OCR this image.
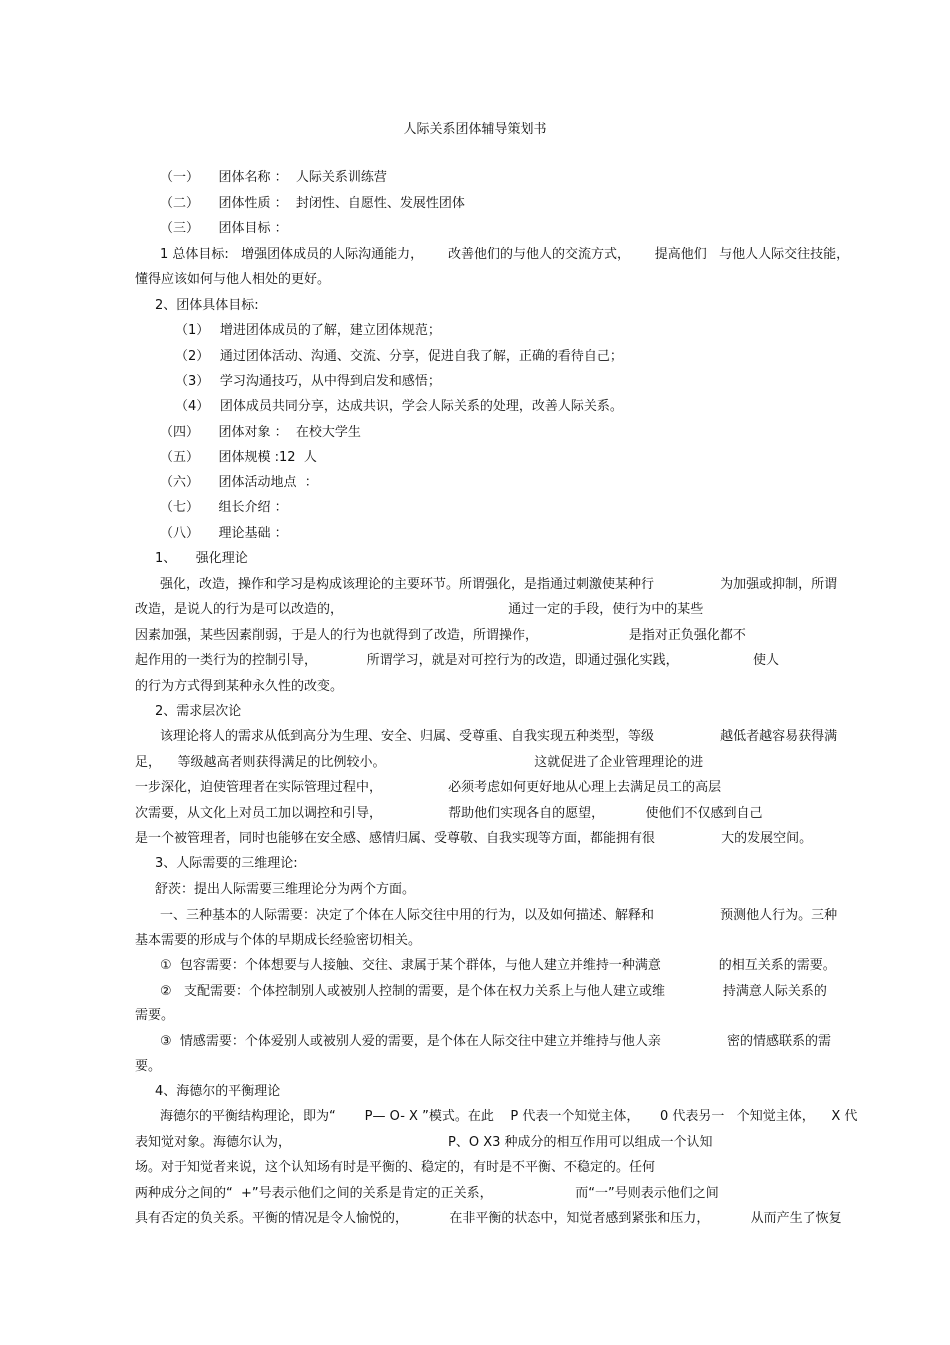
人际关系团体辅导策划书

（一）　　团体名称 ：  人际关系训练营

（二）　　团体性质 ：  封闭性、自愿性、发展性团体

（三）　　团体目标 ：

1 总体目标:   增强团体成员的人际沟通能力，      改善他们的与他人的交流方式，      提高他们   与他人人际交往技能，

懂得应该如何与他人相处的更好。

2、团体具体目标:

（1）　 增进团体成员的了解，建立团体规范；

（2）　 通过团体活动、沟通、交流、分享，促进自我了解，正确的看待自己；

（3）　 学习沟通技巧，从中得到启发和感悟；

（4）　 团体成员共同分享，达成共识，学会人际关系的处理，改善人际关系。

（四）　　团体对象 ：  在校大学生

（五）　　团体规模 :12  人

（六）　　团体活动地点  ：

（七）　　组长介绍 ：

（八）　　理论基础 ：

1、　　强化理论

强化，改造，操作和学习是构成该理论的主要环节。所谓强化，是指通过刺激使某种行                为加强或抑制，所谓

改造，是说人的行为是可以改造的，                                        通过一定的手段，使行为中的某些

因素加强，某些因素削弱，于是人的行为也就得到了改造，所谓操作，                      是指对正负强化都不

起作用的一类行为的控制引导，            所谓学习，就是对可控行为的改造，即通过强化实践，                  使人

的行为方式得到某种永久性的改变。

2、需求层次论

该理论将人的需求从低到高分为生理、安全、归属、受尊重、自我实现五种类型，等级                越低者越容易获得满

足，    等级越高者则获得满足的比例较小。                                    这就促进了企业管理理论的进

一步深化，迫使管理者在实际管理过程中，                必须考虑如何更好地从心理上去满足员工的高层

次需要，从文化上对员工加以调控和引导，                帮助他们实现各自的愿望，          使他们不仅感到自己

是一个被管理者，同时也能够在安全感、感情归属、受尊敬、自我实现等方面，都能拥有很                大的发展空间。

3、人际需要的三维理论:

舒茨：提出人际需要三维理论分为两个方面。

一、三种基本的人际需要：决定了个体在人际交往中用的行为，以及如何描述、解释和                预测他人行为。三种

基本需要的形成与个体的早期成长经验密切相关。

①  包容需要：个体想要与人接触、交往、隶属于某个群体，与他人建立并维持一种满意              的相互关系的需要。

②   支配需要：个体控制别人或被别人控制的需要，是个体在权力关系上与他人建立或维              持满意人际关系的

需要。

③  情感需要：个体爱别人或被别人爱的需要，是个体在人际交往中建立并维持与他人亲                密的情感联系的需

要。

4、海德尔的平衡理论

海德尔的平衡结构理论，即为“       P— O- X ”模式。在此    P 代表一个知觉主体，     0 代表另一   个知觉主体，    X 代

表知觉对象。海德尔认为，                                      P、O X3 种成分的相互作用可以组成一个认知

场。对于知觉者来说，这个认知场有时是平衡的、稳定的，有时是不平衡、不稳定的。任何

两种成分之间的“  +”号表示他们之间的关系是肯定的正关系，                    而“一”号则表示他们之间

具有否定的负关系。平衡的情况是令人愉悦的，          在非平衡的状态中，知觉者感到紧张和压力，          从而产生了恢复
